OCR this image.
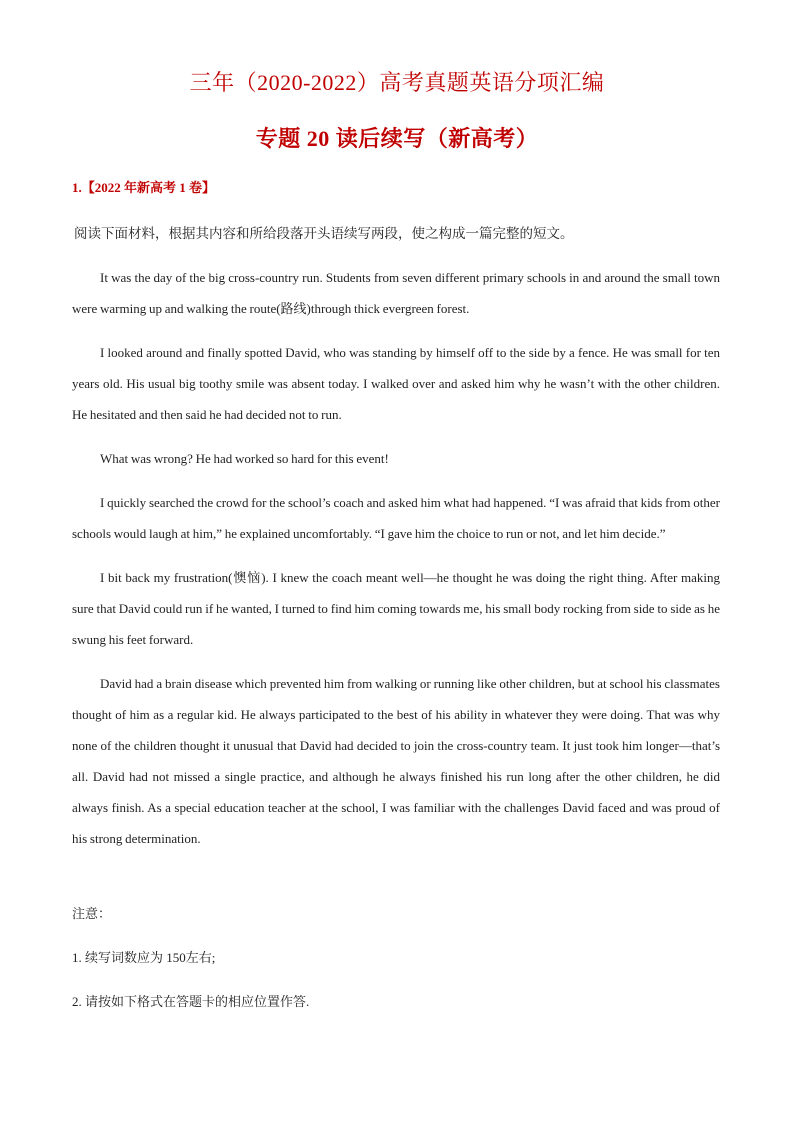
三年（2020-2022）高考真题英语分项汇编
专题 20 读后续写（新高考）
1.【2022 年新高考 1 卷】
阅读下面材料，根据其内容和所给段落开头语续写两段，使之构成一篇完整的短文。

It was the day of the big cross-country run. Students from seven different primary schools in and around the small town were warming up and walking the route(路线)through thick evergreen forest.

I looked around and finally spotted David, who was standing by himself off to the side by a fence. He was small for ten years old. His usual big toothy smile was absent today. I walked over and asked him why he wasn’t with the other children. He hesitated and then said he had decided not to run.

What was wrong? He had worked so hard for this event!

I quickly searched the crowd for the school’s coach and asked him what had happened. “I was afraid that kids from other schools would laugh at him,” he explained uncomfortably. “I gave him the choice to run or not, and let him decide.”

I bit back my frustration(懊恼). I knew the coach meant well—he thought he was doing the right thing. After making sure that David could run if he wanted, I turned to find him coming towards me, his small body rocking from side to side as he swung his feet forward.

David had a brain disease which prevented him from walking or running like other children, but at school his classmates thought of him as a regular kid. He always participated to the best of his ability in whatever they were doing. That was why none of the children thought it unusual that David had decided to join the cross-country team. It just took him longer—that’s all. David had not missed a single practice, and although he always finished his run long after the other children, he did always finish. As a special education teacher at the school, I was familiar with the challenges David faced and was proud of his strong determination.

注意：
1. 续写词数应为 150左右;
2. 请按如下格式在答题卡的相应位置作答.
